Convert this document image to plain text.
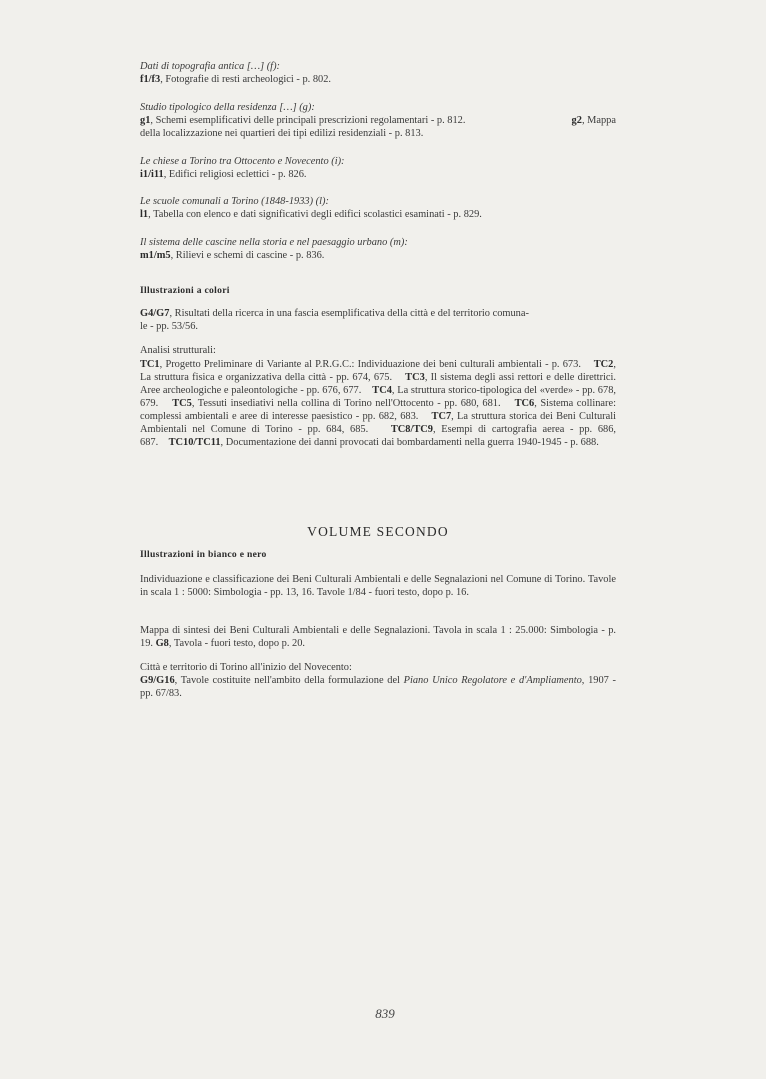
Dati di topografia antica […] (f):

f1/f3, Fotografie di resti archeologici - p. 802.

Studio tipologico della residenza […] (g):

g1, Schemi esemplificativi delle principali prescrizioni regolamentari - p. 812.	g2, Mappa

della localizzazione nei quartieri dei tipi edilizi residenziali - p. 813.

Le chiese a Torino tra Ottocento e Novecento (i):

i1/i11, Edifici religiosi eclettici - p. 826.

Le scuole comunali a Torino (1848-1933) (l):

l1, Tabella con elenco e dati significativi degli edifici scolastici esaminati - p. 829.

Il sistema delle cascine nella storia e nel paesaggio urbano (m):

m1/m5, Rilievi e schemi di cascine - p. 836.

Illustrazioni a colori

G4/G7, Risultati della ricerca in una fascia esemplificativa della città e del territorio comuna-

le - pp. 53/56.

Analisi strutturali:

TC1, Progetto Preliminare di Variante al P.R.G.C.: Individuazione dei beni culturali ambientali - p. 673. TC2, La struttura fisica e organizzativa della città - pp. 674, 675. TC3, Il sistema degli assi rettori e delle direttrici. Aree archeologiche e paleontologiche - pp. 676, 677. TC4, La struttura storico-tipologica del «verde» - pp. 678, 679. TC5, Tessuti insediativi nella collina di Torino nell'Ottocento - pp. 680, 681. TC6, Sistema collinare: complessi ambientali e aree di interesse paesistico - pp. 682, 683. TC7, La struttura storica dei Beni Culturali Ambientali nel Comune di Torino - pp. 684, 685. TC8/TC9, Esempi di cartografia aerea - pp. 686, 687. TC10/TC11, Documentazione dei danni provocati dai bombardamenti nella guerra 1940-1945 - p. 688.

VOLUME SECONDO

Illustrazioni in bianco e nero

Individuazione e classificazione dei Beni Culturali Ambientali e delle Segnalazioni nel Comune di Torino. Tavole in scala 1 : 5000: Simbologia - pp. 13, 16. Tavole 1/84 - fuori testo, dopo p. 16.

Mappa di sintesi dei Beni Culturali Ambientali e delle Segnalazioni. Tavola in scala 1 : 25.000: Simbologia - p. 19. G8, Tavola - fuori testo, dopo p. 20.

Città e territorio di Torino all'inizio del Novecento:

G9/G16, Tavole costituite nell'ambito della formulazione del Piano Unico Regolatore e d'Ampliamento, 1907 - pp. 67/83.

839
